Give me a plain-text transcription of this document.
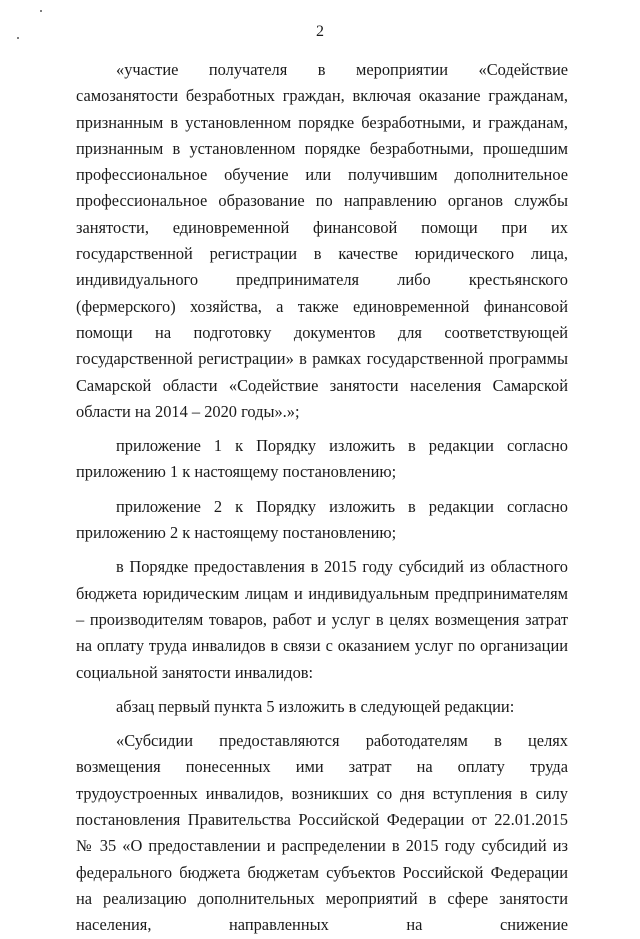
2

«участие получателя в мероприятии «Содействие самозанятости безработных граждан, включая оказание гражданам, признанным в установленном порядке безработными, и гражданам, признанным в установленном порядке безработными, прошедшим профессиональное обучение или получившим дополнительное профессиональное образование по направлению органов службы занятости, единовременной финансовой помощи при их государственной регистрации в качестве юридического лица, индивидуального предпринимателя либо крестьянского (фермерского) хозяйства, а также единовременной финансовой помощи на подготовку документов для соответствующей государственной регистрации» в рамках государственной программы Самарской области «Содействие занятости населения Самарской области на 2014 – 2020 годы».»;

приложение 1 к Порядку изложить в редакции согласно приложению 1 к настоящему постановлению;

приложение 2 к Порядку изложить в редакции согласно приложению 2 к настоящему постановлению;

в Порядке предоставления в 2015 году субсидий из областного бюджета юридическим лицам и индивидуальным предпринимателям – производителям товаров, работ и услуг в целях возмещения затрат на оплату труда инвалидов в связи с оказанием услуг по организации социальной занятости инвалидов:

абзац первый пункта 5 изложить в следующей редакции:

«Субсидии предоставляются работодателям в целях возмещения понесенных ими затрат на оплату труда трудоустроенных инвалидов, возникших со дня вступления в силу постановления Правительства Российской Федерации от 22.01.2015 № 35 «О предоставлении и распределении в 2015 году субсидий из федерального бюджета бюджетам субъектов Российской Федерации на реализацию дополнительных мероприятий в сфере занятости населения, направленных на снижение
